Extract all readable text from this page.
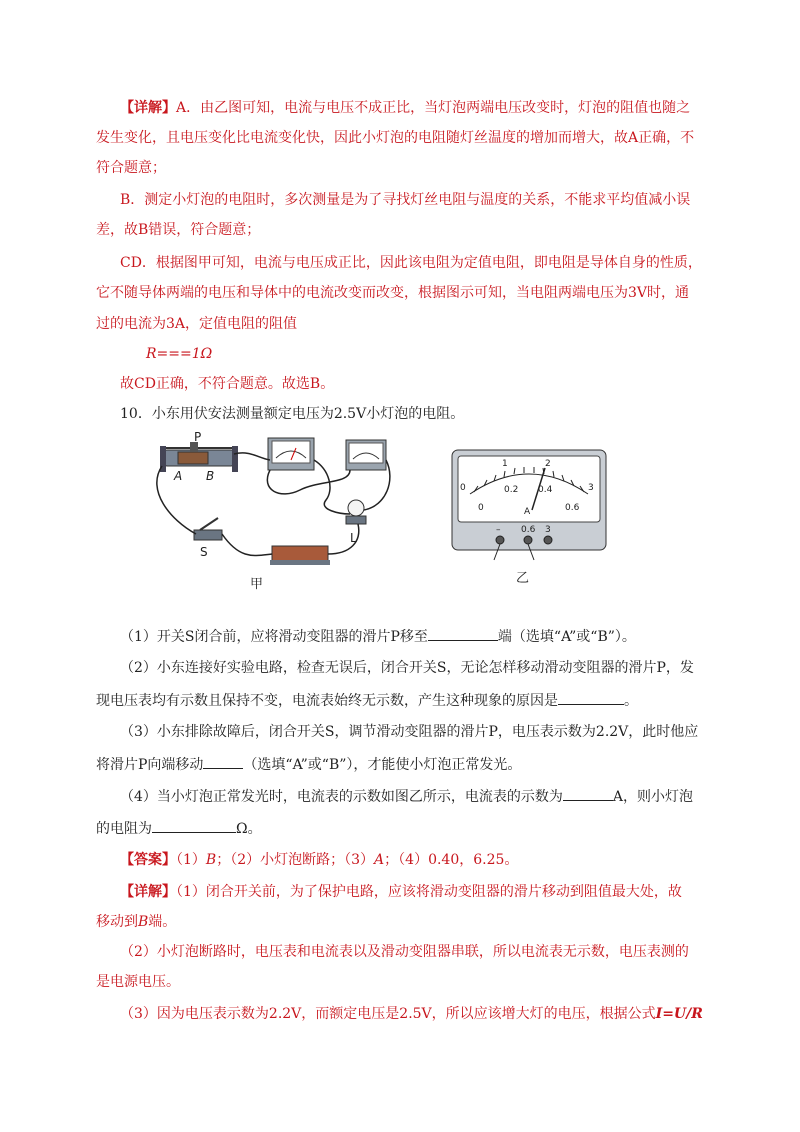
【详解】A．由乙图可知，电流与电压不成正比，当灯泡两端电压改变时，灯泡的阻值也随之
发生变化，且电压变化比电流变化快，因此小灯泡的电阻随灯丝温度的增加而增大，故A正确，不
符合题意；
B．测定小灯泡的电阻时，多次测量是为了寻找灯丝电阻与温度的关系，不能求平均值减小误
差，故B错误，符合题意；
CD．根据图甲可知，电流与电压成正比，因此该电阻为定值电阻，即电阻是导体自身的性质，
它不随导体两端的电压和导体中的电流改变而改变，根据图示可知，当电阻两端电压为3V时，通
过的电流为3A，定值电阻的阻值
R===1Ω
故CD正确，不符合题意。故选B。
10．小东用伏安法测量额定电压为2.5V小灯泡的电阻。
P
A B
L
S
甲
0
1	2
3
0
0.2 0.4
0.6
A
– 0.6 3
乙
（1）开关S闭合前，应将滑动变阻器的滑片P移至	端（选填“A”或“B”）。
（2）小东连接好实验电路，检查无误后，闭合开关S，无论怎样移动滑动变阻器的滑片P，发
现电压表均有示数且保持不变，电流表始终无示数，产生这种现象的原因是	。
（3）小东排除故障后，闭合开关S，调节滑动变阻器的滑片P，电压表示数为2.2V，此时他应
将滑片P向端移动	（选填“A”或“B”），才能使小灯泡正常发光。
（4）当小灯泡正常发光时，电流表的示数如图乙所示，电流表的示数为	A，则小灯泡
的电阻为	Ω。
【答案】（1）B；（2）小灯泡断路；（3）A；（4）0.40，6.25。
【详解】（1）闭合开关前，为了保护电路，应该将滑动变阻器的滑片移动到阻值最大处，故
移动到B端。
（2）小灯泡断路时，电压表和电流表以及滑动变阻器串联，所以电流表无示数，电压表测的
是电源电压。
（3）因为电压表示数为2.2V，而额定电压是2.5V，所以应该增大灯的电压，根据公式I=U/R
